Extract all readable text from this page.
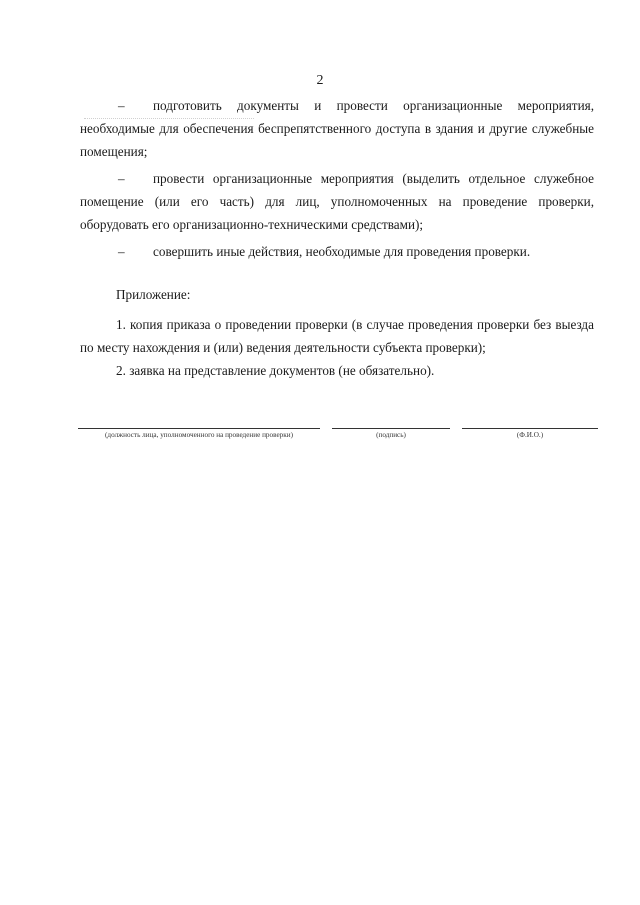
2

– подготовить документы и провести организационные мероприятия, необходимые для обеспечения беспрепятственного доступа в здания и другие служебные помещения;

– провести организационные мероприятия (выделить отдельное служебное помещение (или его часть) для лиц, уполномоченных на проведение проверки, оборудовать его организационно-техническими средствами);

– совершить иные действия, необходимые для проведения проверки.

Приложение:

1. копия приказа о проведении проверки (в случае проведения проверки без выезда по месту нахождения и (или) ведения деятельности субъекта проверки);

2. заявка на представление документов (не обязательно).

(должность лица, уполномоченного на проведение проверки)	(подпись)	(Ф.И.О.)
